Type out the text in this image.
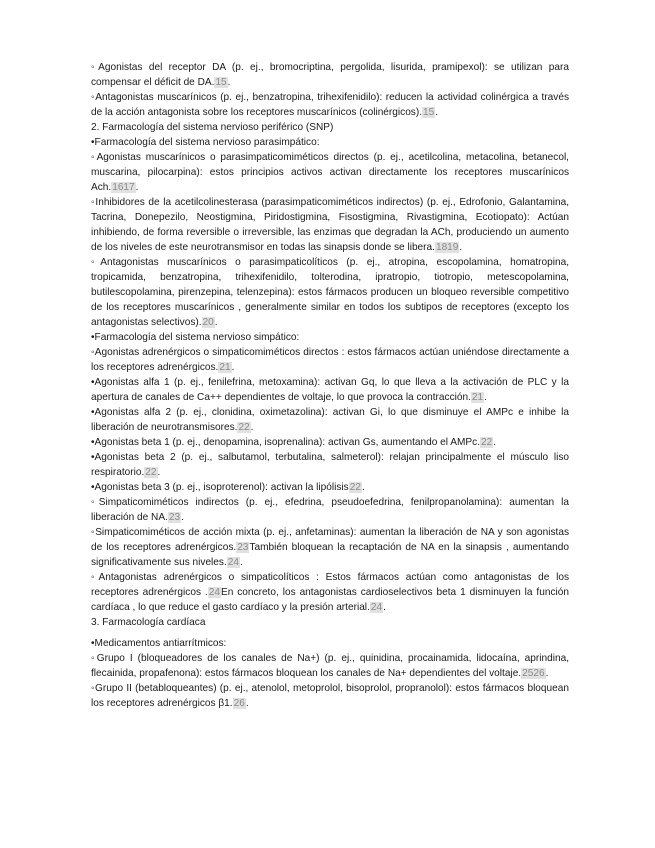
◦Agonistas del receptor DA (p. ej., bromocriptina, pergolida, lisurida, pramipexol): se utilizan para compensar el déficit de DA.15.

◦Antagonistas muscarínicos (p. ej., benzatropina, trihexifenidilo): reducen la actividad colinérgica a través de la acción antagonista sobre los receptores muscarínicos (colinérgicos).15.

2. Farmacología del sistema nervioso periférico (SNP)

•Farmacología del sistema nervioso parasimpático:

◦Agonistas muscarínicos o parasimpaticomiméticos directos (p. ej., acetilcolina, metacolina, betanecol, muscarina, pilocarpina): estos principios activos activan directamente los receptores muscarínicos Ach.1617.

◦Inhibidores de la acetilcolinesterasa (parasimpaticomiméticos indirectos) (p. ej., Edrofonio, Galantamina, Tacrina, Donepezilo, Neostigmina, Piridostigmina, Fisostigmina, Rivastigmina, Ecotiopato): Actúan inhibiendo, de forma reversible o irreversible, las enzimas que degradan la ACh, produciendo un aumento de los niveles de este neurotransmisor en todas las sinapsis donde se libera.1819.

◦Antagonistas muscarínicos o parasimpaticolíticos (p. ej., atropina, escopolamina, homatropina, tropicamida, benzatropina, trihexifenidilo, tolterodina, ipratropio, tiotropio, metescopolamina, butilescopolamina, pirenzepina, telenzepina): estos fármacos producen un bloqueo reversible competitivo de los receptores muscarínicos , generalmente similar en todos los subtipos de receptores (excepto los antagonistas selectivos).20.

•Farmacología del sistema nervioso simpático:

◦Agonistas adrenérgicos o simpaticomiméticos directos : estos fármacos actúan uniéndose directamente a los receptores adrenérgicos.21.

•Agonistas alfa 1 (p. ej., fenilefrina, metoxamina): activan Gq, lo que lleva a la activación de PLC y la apertura de canales de Ca++ dependientes de voltaje, lo que provoca la contracción.21.

•Agonistas alfa 2 (p. ej., clonidina, oximetazolina): activan Gi, lo que disminuye el AMPc e inhibe la liberación de neurotransmisores.22.

•Agonistas beta 1 (p. ej., denopamina, isoprenalina): activan Gs, aumentando el AMPc.22.

•Agonistas beta 2 (p. ej., salbutamol, terbutalina, salmeterol): relajan principalmente el músculo liso respiratorio.22.

•Agonistas beta 3 (p. ej., isoproterenol): activan la lipólisis22.

◦Simpaticomiméticos indirectos (p. ej., efedrina, pseudoefedrina, fenilpropanolamina): aumentan la liberación de NA.23.

◦Simpaticomiméticos de acción mixta (p. ej., anfetaminas): aumentan la liberación de NA y son agonistas de los receptores adrenérgicos.23También bloquean la recaptación de NA en la sinapsis , aumentando significativamente sus niveles.24.

◦Antagonistas adrenérgicos o simpaticolíticos : Estos fármacos actúan como antagonistas de los receptores adrenérgicos .24En concreto, los antagonistas cardioselectivos beta 1 disminuyen la función cardíaca , lo que reduce el gasto cardíaco y la presión arterial.24.

3. Farmacología cardíaca

•Medicamentos antiarrítmicos:

◦Grupo I (bloqueadores de los canales de Na+) (p. ej., quinidina, procainamida, lidocaína, aprindina, flecainida, propafenona): estos fármacos bloquean los canales de Na+ dependientes del voltaje.2526.

◦Grupo II (betabloqueantes) (p. ej., atenolol, metoprolol, bisoprolol, propranolol): estos fármacos bloquean los receptores adrenérgicos β1.26.
